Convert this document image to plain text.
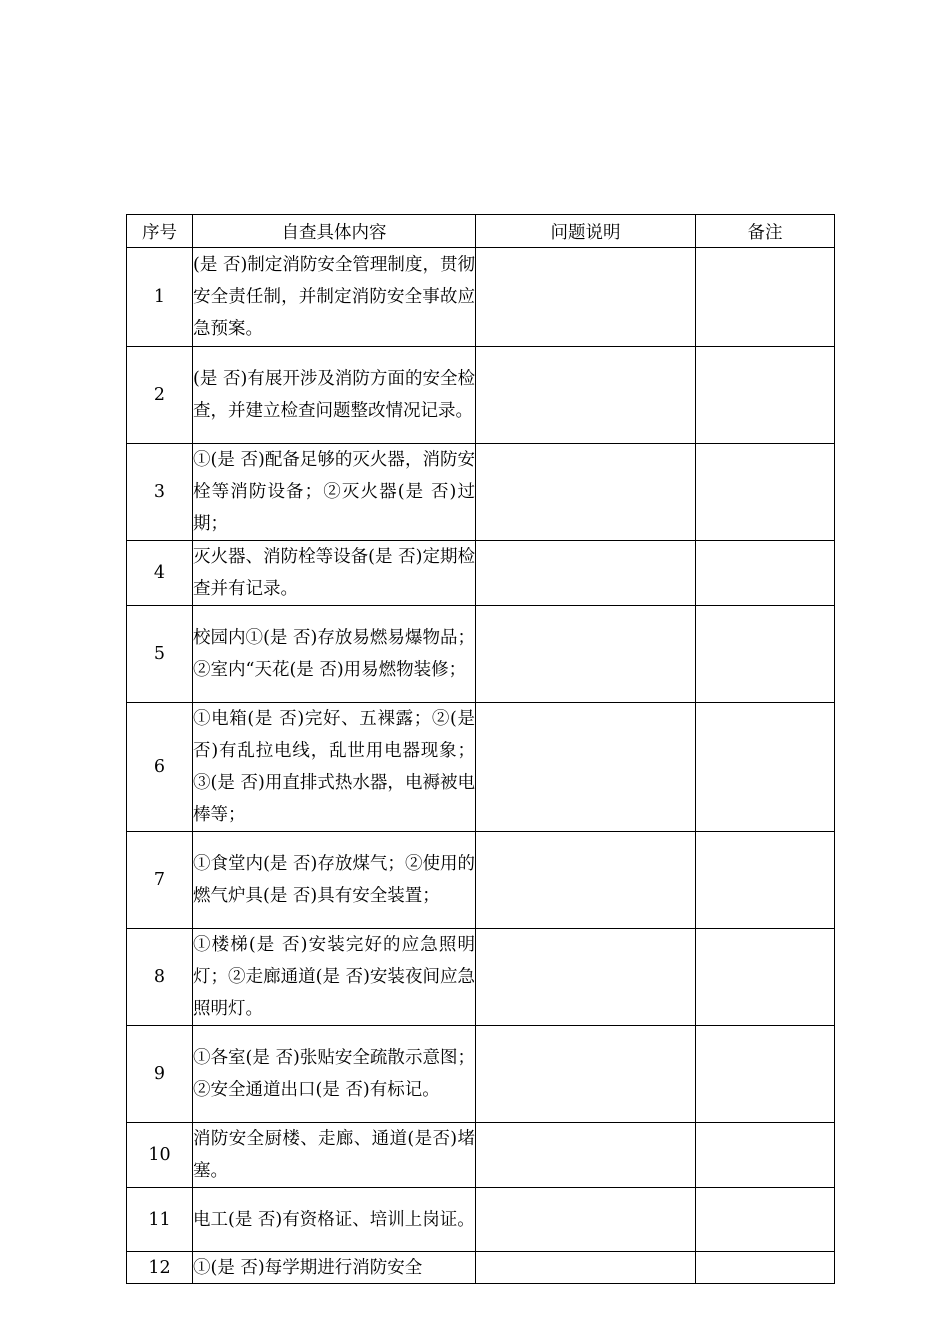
序号	自查具体内容	问题说明	备注
1	(是 否)制定消防安全管理制度，贯彻安全责任制，并制定消防安全事故应急预案。		

2	(是 否)有展开涉及消防方面的安全检查，并建立检查问题整改情况记录。		

3	①(是 否)配备足够的灭火器，消防安栓等消防设备；②灭火器(是 否)过期；		

4	灭火器、消防栓等设备(是 否)定期检查并有记录。		

5	校园内①(是 否)存放易燃易爆物品；②室内“天花(是 否)用易燃物装修；		

6	①电箱(是 否)完好、五裸露；②(是 否)有乱拉电线，乱世用电器现象；③(是 否)用直排式热水器，电褥被电棒等；		

7	①食堂内(是 否)存放煤气；②使用的燃气炉具(是 否)具有安全装置；		

8	①楼梯(是 否)安装完好的应急照明灯；②走廊通道(是 否)安装夜间应急照明灯。		

9	①各室(是 否)张贴安全疏散示意图；②安全通道出口(是 否)有标记。		

10	消防安全厨楼、走廊、通道(是否)堵塞。		

11	电工(是 否)有资格证、培训上岗证。		

12	①(是 否)每学期进行消防安全		
